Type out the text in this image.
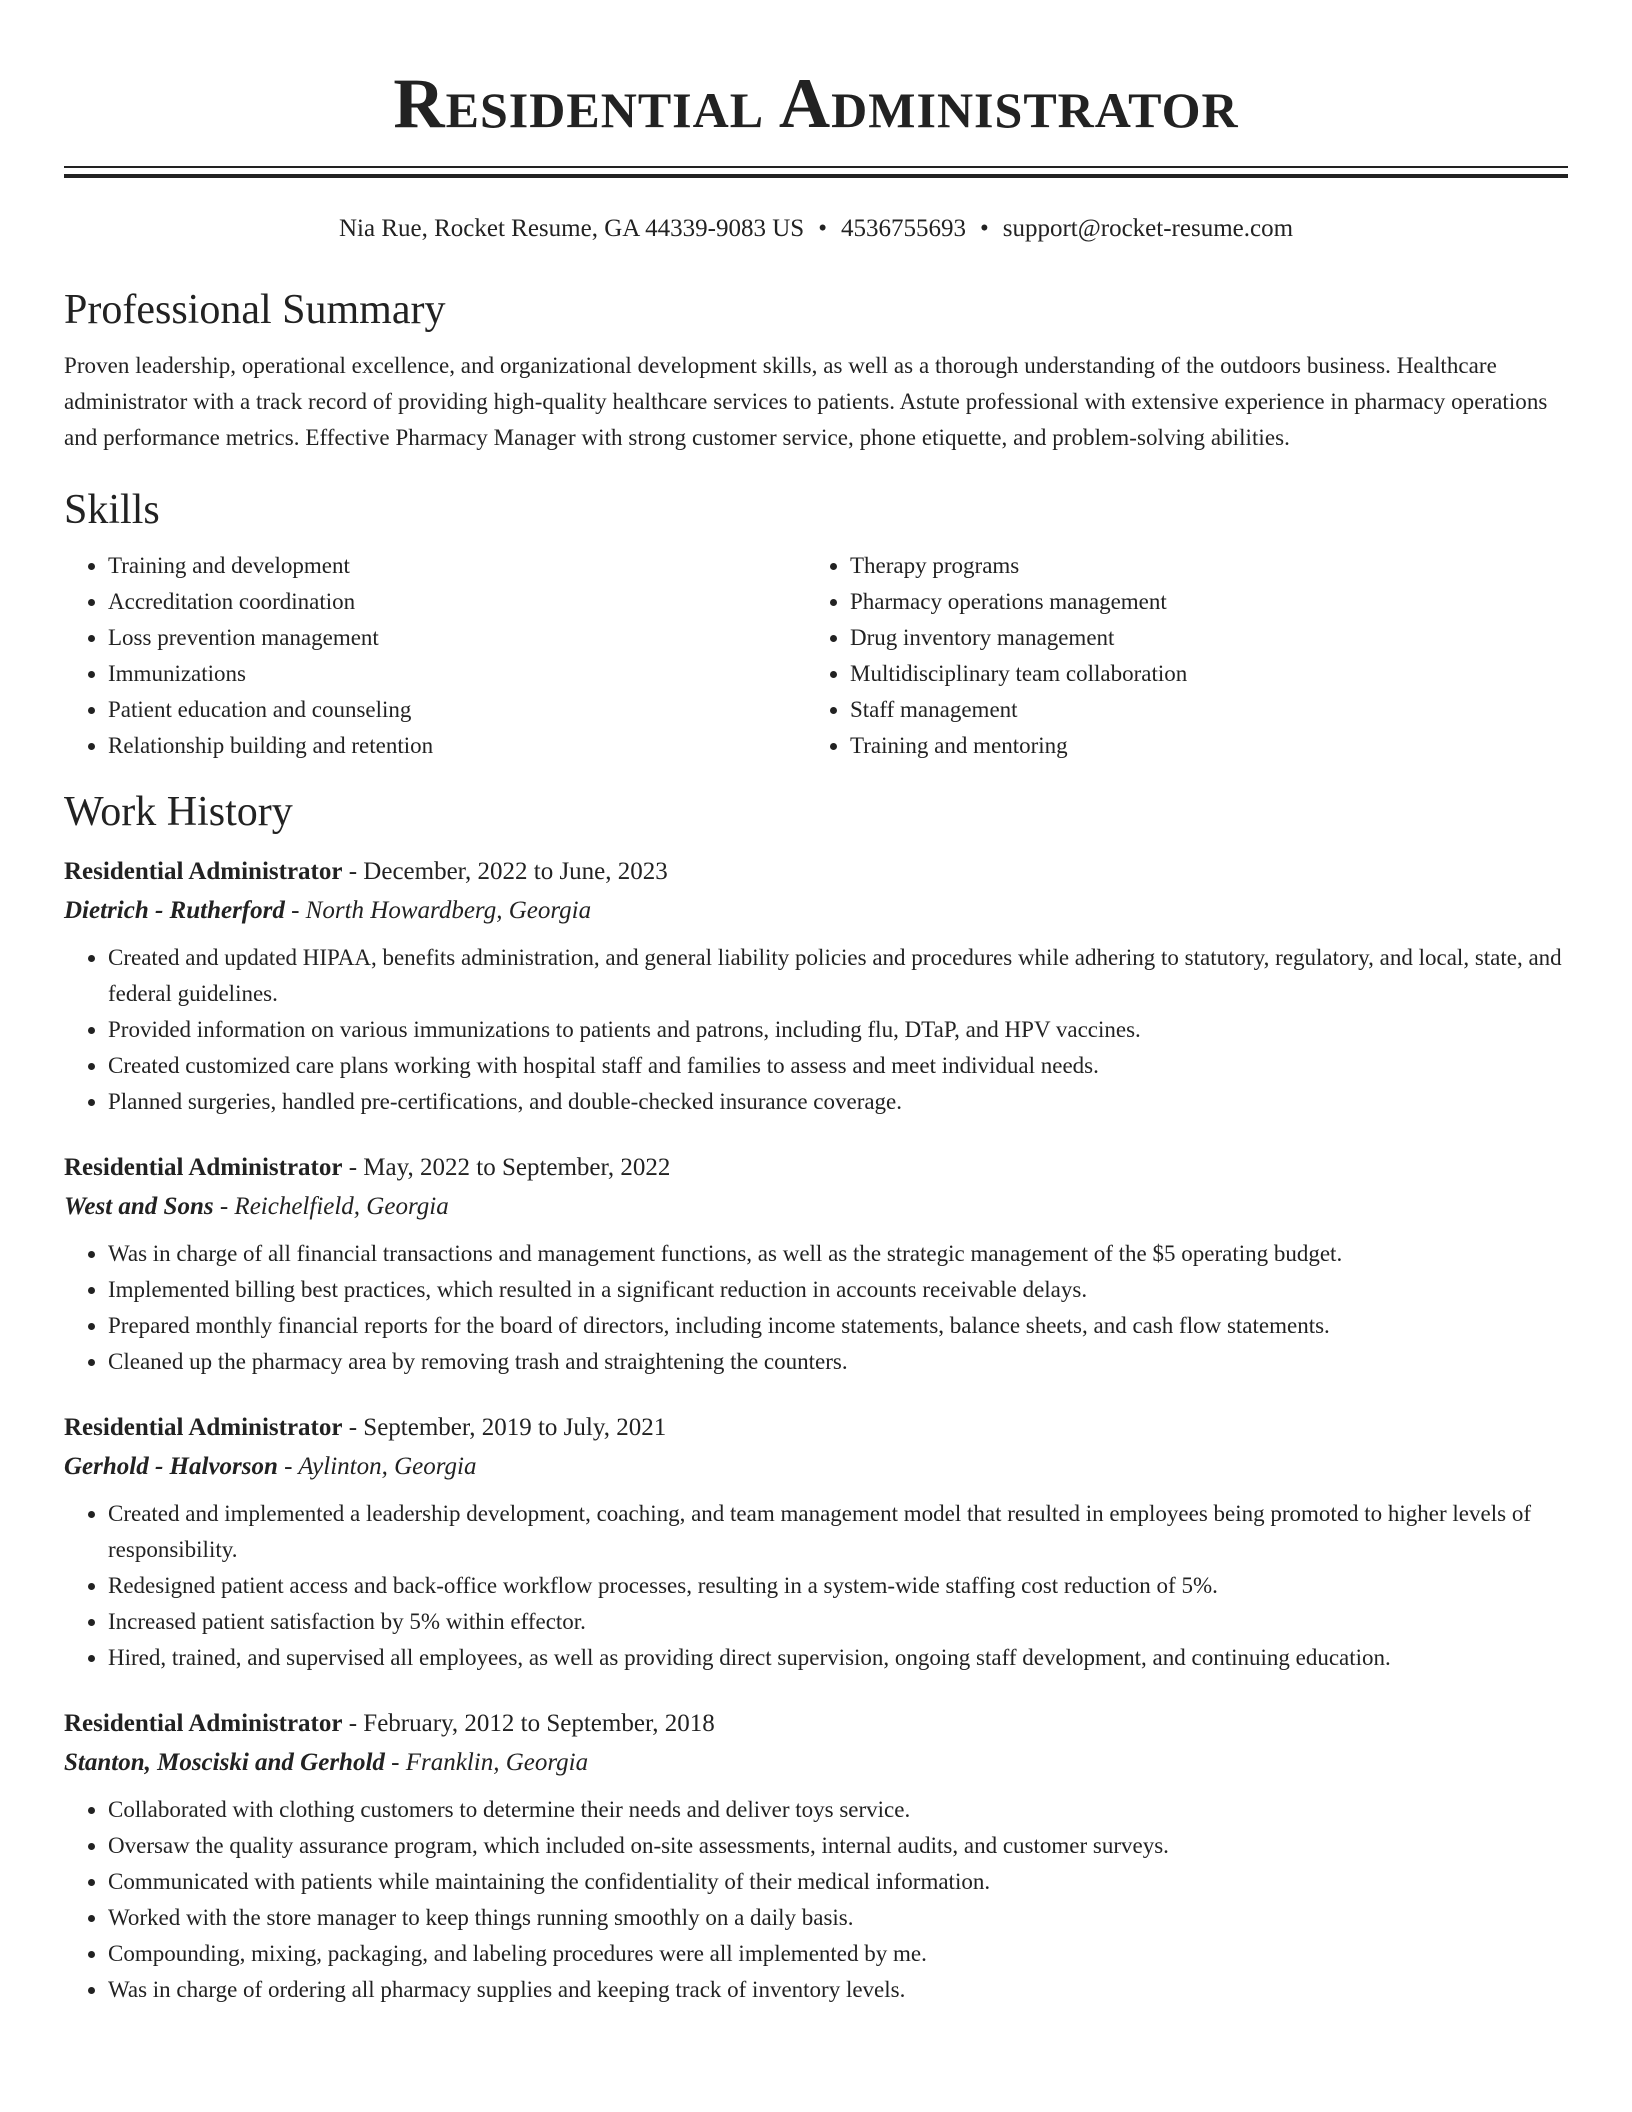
Residential Administrator
Nia Rue, Rocket Resume, GA 44339-9083 US • 4536755693 • support@rocket-resume.com
Professional Summary
Proven leadership, operational excellence, and organizational development skills, as well as a thorough understanding of the outdoors business. Healthcare administrator with a track record of providing high-quality healthcare services to patients. Astute professional with extensive experience in pharmacy operations and performance metrics. Effective Pharmacy Manager with strong customer service, phone etiquette, and problem-solving abilities.
Skills
• Training and development
• Accreditation coordination
• Loss prevention management
• Immunizations
• Patient education and counseling
• Relationship building and retention
• Therapy programs
• Pharmacy operations management
• Drug inventory management
• Multidisciplinary team collaboration
• Staff management
• Training and mentoring
Work History
Residential Administrator - December, 2022 to June, 2023
Dietrich - Rutherford - North Howardberg, Georgia
• Created and updated HIPAA, benefits administration, and general liability policies and procedures while adhering to statutory, regulatory, and local, state, and federal guidelines.
• Provided information on various immunizations to patients and patrons, including flu, DTaP, and HPV vaccines.
• Created customized care plans working with hospital staff and families to assess and meet individual needs.
• Planned surgeries, handled pre-certifications, and double-checked insurance coverage.
Residential Administrator - May, 2022 to September, 2022
West and Sons - Reichelfield, Georgia
• Was in charge of all financial transactions and management functions, as well as the strategic management of the $5 operating budget.
• Implemented billing best practices, which resulted in a significant reduction in accounts receivable delays.
• Prepared monthly financial reports for the board of directors, including income statements, balance sheets, and cash flow statements.
• Cleaned up the pharmacy area by removing trash and straightening the counters.
Residential Administrator - September, 2019 to July, 2021
Gerhold - Halvorson - Aylinton, Georgia
• Created and implemented a leadership development, coaching, and team management model that resulted in employees being promoted to higher levels of responsibility.
• Redesigned patient access and back-office workflow processes, resulting in a system-wide staffing cost reduction of 5%.
• Increased patient satisfaction by 5% within effector.
• Hired, trained, and supervised all employees, as well as providing direct supervision, ongoing staff development, and continuing education.
Residential Administrator - February, 2012 to September, 2018
Stanton, Mosciski and Gerhold - Franklin, Georgia
• Collaborated with clothing customers to determine their needs and deliver toys service.
• Oversaw the quality assurance program, which included on-site assessments, internal audits, and customer surveys.
• Communicated with patients while maintaining the confidentiality of their medical information.
• Worked with the store manager to keep things running smoothly on a daily basis.
• Compounding, mixing, packaging, and labeling procedures were all implemented by me.
• Was in charge of ordering all pharmacy supplies and keeping track of inventory levels.
